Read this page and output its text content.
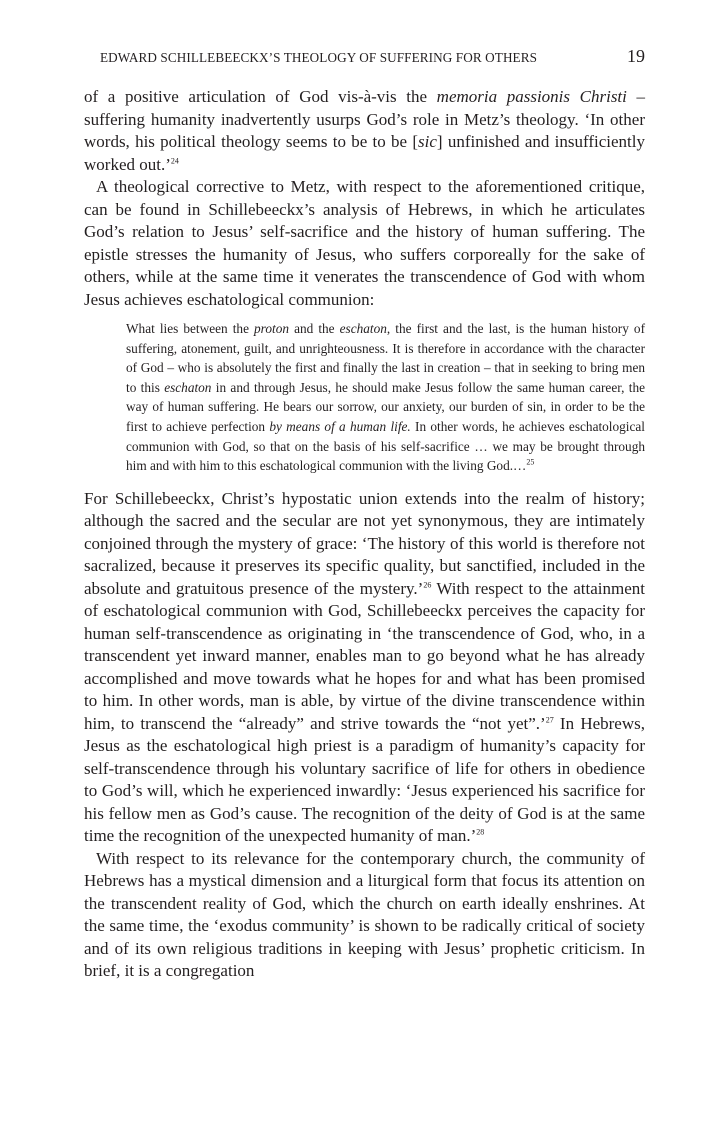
EDWARD SCHILLEBEECKX’S THEOLOGY OF SUFFERING FOR OTHERS	19

of a positive articulation of God vis-à-vis the memoria passionis Christi – suffering humanity inadvertently usurps God’s role in Metz’s theology. ‘In other words, his political theology seems to be to be [sic] unfinished and insufficiently worked out.’$^{24}$

A theological corrective to Metz, with respect to the aforementioned critique, can be found in Schillebeeckx’s analysis of Hebrews, in which he articulates God’s relation to Jesus’ self-sacrifice and the history of human suffering. The epistle stresses the humanity of Jesus, who suffers corporeally for the sake of others, while at the same time it venerates the transcendence of God with whom Jesus achieves eschatological communion:

What lies between the proton and the eschaton, the first and the last, is the human history of suffering, atonement, guilt, and unrighteousness. It is therefore in accordance with the character of God – who is absolutely the first and finally the last in creation – that in seeking to bring men to this eschaton in and through Jesus, he should make Jesus follow the same human career, the way of human suffering. He bears our sorrow, our anxiety, our burden of sin, in order to be the first to achieve perfection by means of a human life. In other words, he achieves eschatological communion with God, so that on the basis of his self-sacrifice … we may be brought through him and with him to this eschatological communion with the living God.…$^{25}$

For Schillebeeckx, Christ’s hypostatic union extends into the realm of history; although the sacred and the secular are not yet synonymous, they are intimately conjoined through the mystery of grace: ‘The history of this world is therefore not sacralized, because it preserves its specific quality, but sanctified, included in the absolute and gratuitous presence of the mystery.’$^{26}$ With respect to the attainment of eschatological communion with God, Schillebeeckx perceives the capacity for human self-transcendence as originating in ‘the transcendence of God, who, in a transcendent yet inward manner, enables man to go beyond what he has already accomplished and move towards what he hopes for and what has been promised to him. In other words, man is able, by virtue of the divine transcendence within him, to transcend the “already” and strive towards the “not yet”.’$^{27}$ In Hebrews, Jesus as the eschatological high priest is a paradigm of humanity’s capacity for self-transcendence through his voluntary sacrifice of life for others in obedience to God’s will, which he experienced inwardly: ‘Jesus experienced his sacrifice for his fellow men as God’s cause. The recognition of the deity of God is at the same time the recognition of the unexpected humanity of man.’$^{28}$

With respect to its relevance for the contemporary church, the community of Hebrews has a mystical dimension and a liturgical form that focus its attention on the transcendent reality of God, which the church on earth ideally enshrines. At the same time, the ‘exodus community’ is shown to be radically critical of society and of its own religious traditions in keeping with Jesus’ prophetic criticism. In brief, it is a congregation
